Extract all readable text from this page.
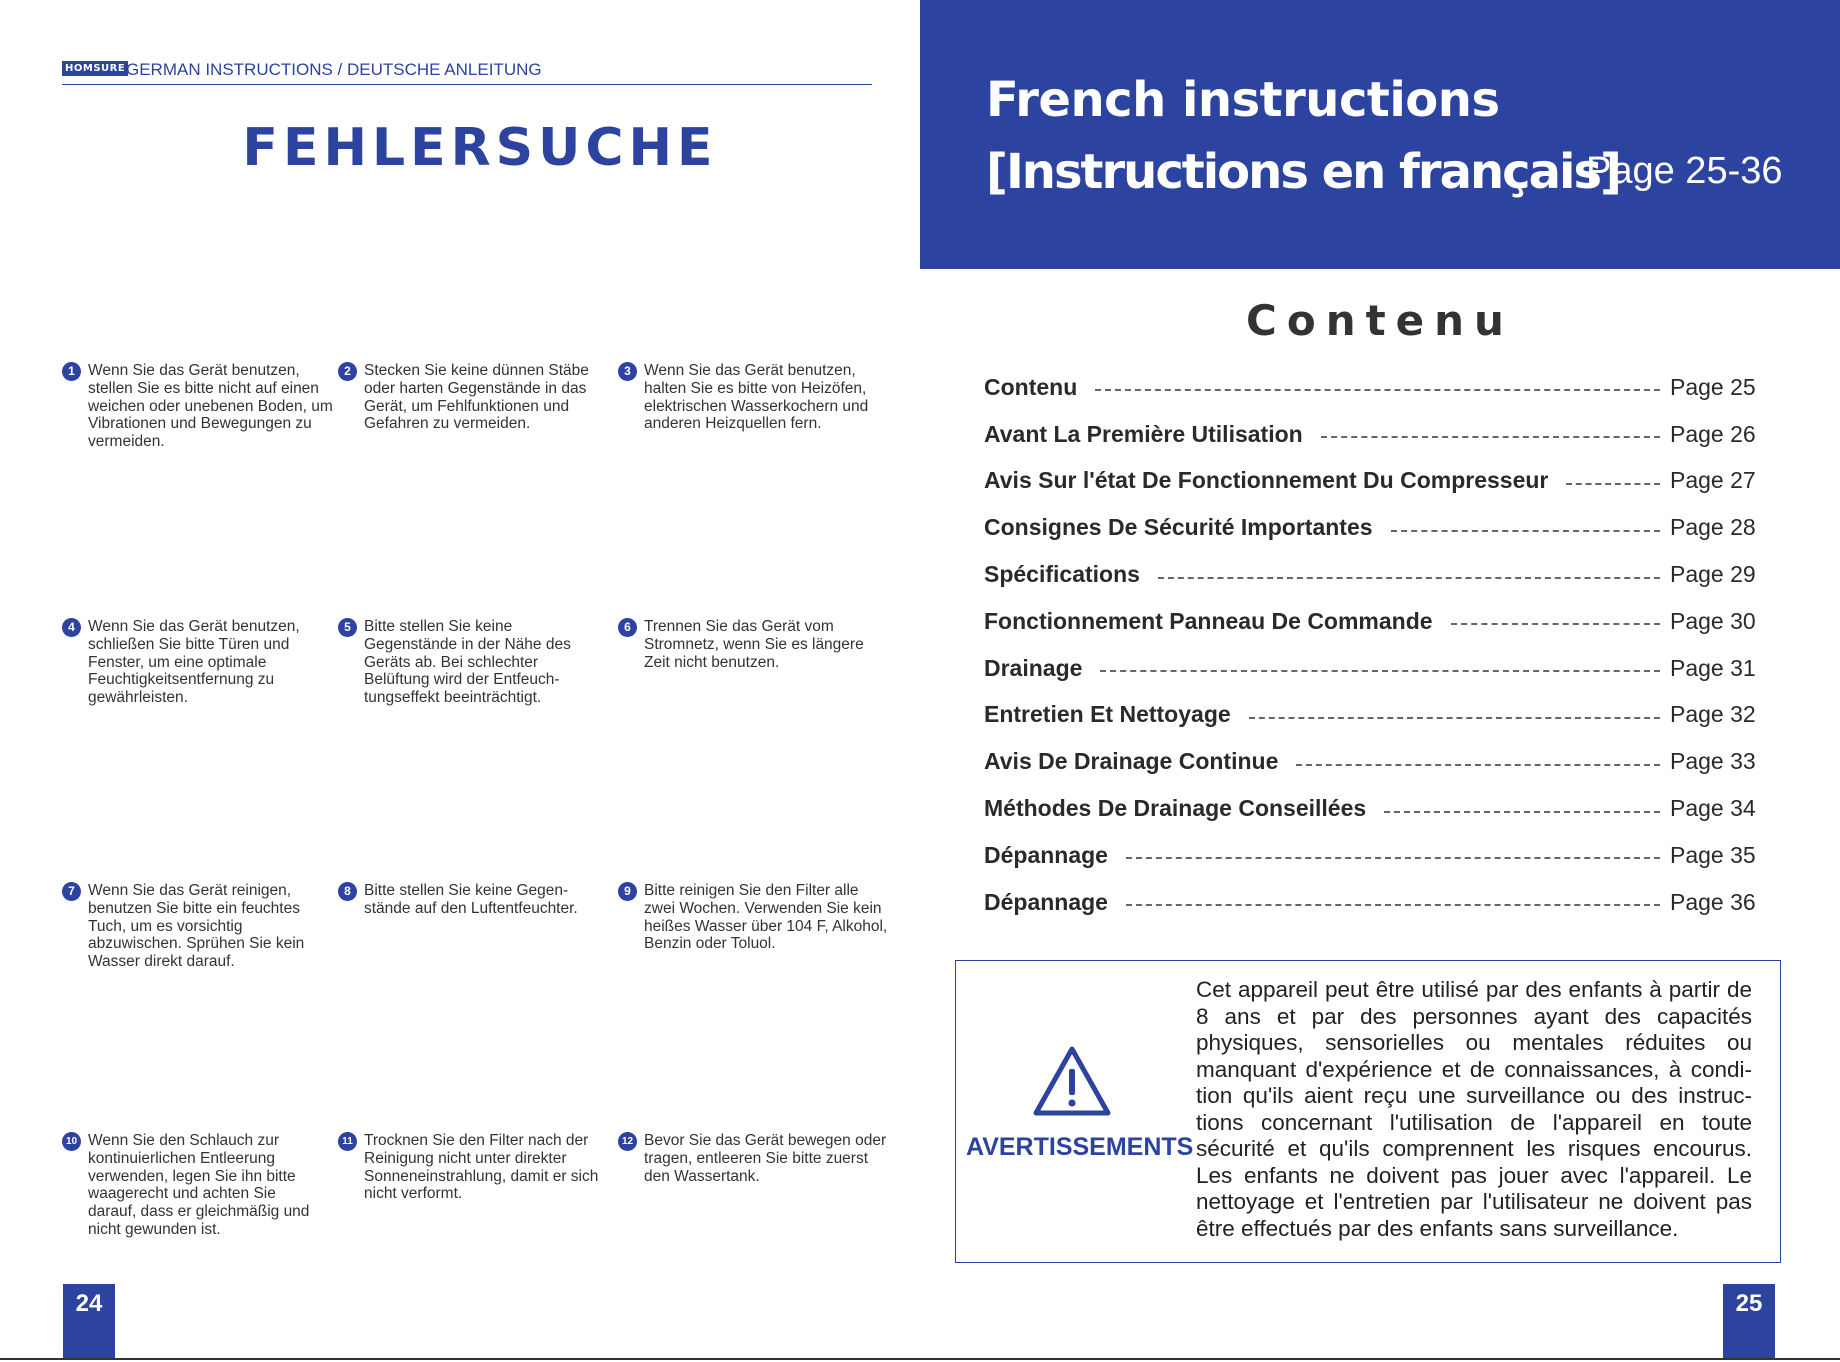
HOMSURE GERMAN INSTRUCTIONS / DEUTSCHE ANLEITUNG
FEHLERSUCHE
1 Wenn Sie das Gerät benutzen, stellen Sie es bitte nicht auf einen weichen oder unebenen Boden, um Vibrationen und Bewegungen zu vermeiden.
2 Stecken Sie keine dünnen Stäbe oder harten Gegenstände in das Gerät, um Fehlfunktionen und Gefahren zu vermeiden.
3 Wenn Sie das Gerät benutzen, halten Sie es bitte von Heizöfen, elektrischen Wasserkochern und anderen Heizquellen fern.
4 Wenn Sie das Gerät benutzen, schließen Sie bitte Türen und Fenster, um eine optimale Feuchtigkeitsentfernung zu gewährleisten.
5 Bitte stellen Sie keine Gegenstände in der Nähe des Geräts ab. Bei schlechter Belüftung wird der Entfeuch-tungseffekt beeinträchtigt.
6 Trennen Sie das Gerät vom Stromnetz, wenn Sie es längere Zeit nicht benutzen.
7 Wenn Sie das Gerät reinigen, benutzen Sie bitte ein feuchtes Tuch, um es vorsichtig abzuwischen. Sprühen Sie kein Wasser direkt darauf.
8 Bitte stellen Sie keine Gegen-stände auf den Luftentfeuchter.
9 Bitte reinigen Sie den Filter alle zwei Wochen. Verwenden Sie kein heißes Wasser über 104 F, Alkohol, Benzin oder Toluol.
10 Wenn Sie den Schlauch zur kontinuierlichen Entleerung verwenden, legen Sie ihn bitte waagerecht und achten Sie darauf, dass er gleichmäßig und nicht gewunden ist.
11 Trocknen Sie den Filter nach der Reinigung nicht unter direkter Sonneneinstrahlung, damit er sich nicht verformt.
12 Bevor Sie das Gerät bewegen oder tragen, entleeren Sie bitte zuerst den Wassertank.
24
French instructions
[Instructions en français]
Page 25-36
Contenu
Contenu	Page 25
Avant La Première Utilisation	Page 26
Avis Sur l'état De Fonctionnement Du Compresseur	Page 27
Consignes De Sécurité Importantes	Page 28
Spécifications	Page 29
Fonctionnement Panneau De Commande	Page 30
Drainage	Page 31
Entretien Et Nettoyage	Page 32
Avis De Drainage Continue	Page 33
Méthodes De Drainage Conseillées	Page 34
Dépannage	Page 35
Dépannage	Page 36
AVERTISSEMENTS
Cet appareil peut être utilisé par des enfants à partir de 8 ans et par des personnes ayant des capacités physiques, sensorielles ou mentales réduites ou manquant d'expérience et de connaissances, à condi-tion qu'ils aient reçu une surveillance ou des instruc-tions concernant l'utilisation de l'appareil en toute sécurité et qu'ils comprennent les risques encourus. Les enfants ne doivent pas jouer avec l'appareil. Le nettoyage et l'entretien par l'utilisateur ne doivent pas être effectués par des enfants sans surveillance.
25
